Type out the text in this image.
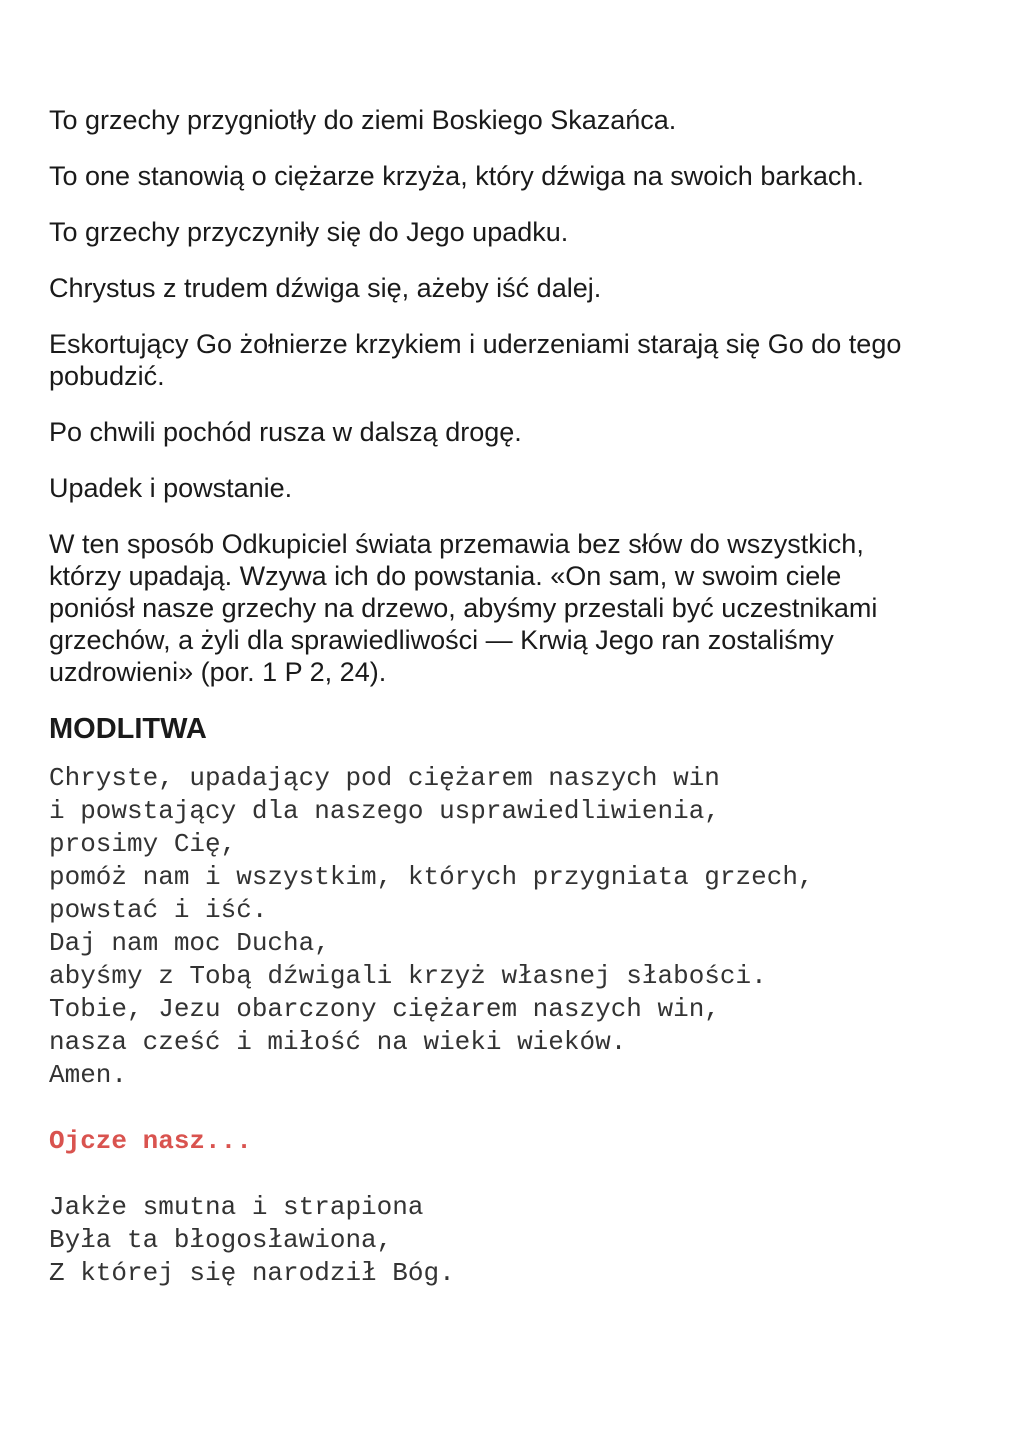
To grzechy przygniotły do ziemi Boskiego Skazańca.

To one stanowią o ciężarze krzyża, który dźwiga na swoich barkach.

To grzechy przyczyniły się do Jego upadku.

Chrystus z trudem dźwiga się, ażeby iść dalej.

Eskortujący Go żołnierze krzykiem i uderzeniami starają się Go do tego
pobudzić.

Po chwili pochód rusza w dalszą drogę.

Upadek i powstanie.

W ten sposób Odkupiciel świata przemawia bez słów do wszystkich,
którzy upadają. Wzywa ich do powstania. «On sam, w swoim ciele
poniósł nasze grzechy na drzewo, abyśmy przestali być uczestnikami
grzechów, a żyli dla sprawiedliwości — Krwią Jego ran zostaliśmy
uzdrowieni» (por. 1 P 2, 24).

MODLITWA
Chryste, upadający pod ciężarem naszych win
i powstający dla naszego usprawiedliwienia,
prosimy Cię,
pomóż nam i wszystkim, których przygniata grzech,
powstać i iść.
Daj nam moc Ducha,
abyśmy z Tobą dźwigali krzyż własnej słabości.
Tobie, Jezu obarczony ciężarem naszych win,
nasza cześć i miłość na wieki wieków.
Amen.
Ojcze nasz...
Jakże smutna i strapiona
Była ta błogosławiona,
Z której się narodził Bóg.
